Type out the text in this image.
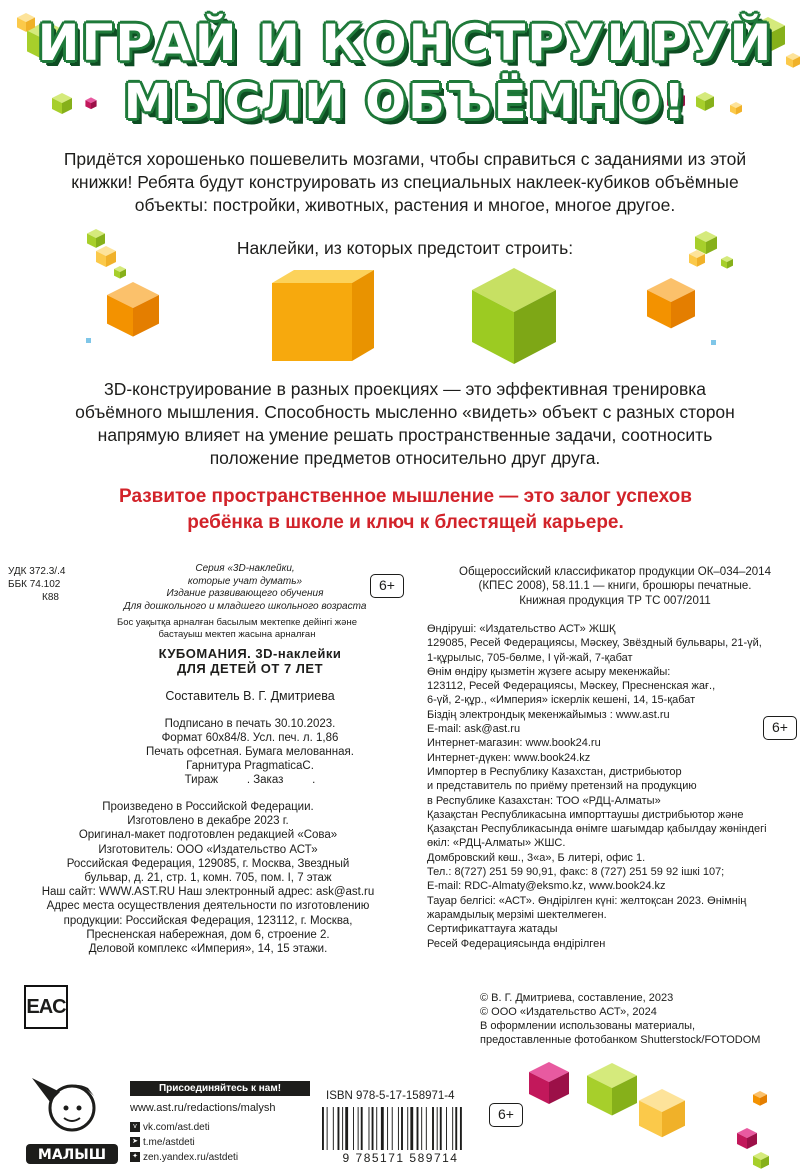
ИГРАЙ И КОНСТРУИРУЙ
МЫСЛИ ОБЪЁМНО!

Придётся хорошенько пошевелить мозгами, чтобы справиться с заданиями из этой книжки! Ребята будут конструировать из специальных наклеек-кубиков объёмные объекты: постройки, животных, растения и многое, многое другое.

Наклейки, из которых предстоит строить:

3D-конструирование в разных проекциях — это эффективная тренировка объёмного мышления. Способность мысленно «видеть» объект с разных сторон напрямую влияет на умение решать пространственные задачи, соотносить положение предметов относительно друг друга.

Развитое пространственное мышление — это залог успехов
ребёнка в школе и ключ к блестящей карьере.
УДК 372.3/.4
ББК 74.102
К88
Серия «3D-наклейки,
которые учат думать»
Издание развивающего обучения
Для дошкольного и младшего школьного возраста
6+
Бос уақытқа арналған басылым мектепке дейінгі және
бастауыш мектеп жасына арналған
КУБОМАНИЯ. 3D-наклейки
ДЛЯ ДЕТЕЙ ОТ 7 ЛЕТ
Составитель В. Г. Дмитриева
Подписано в печать 30.10.2023.
Формат 60х84/8. Усл. печ. л. 1,86
Печать офсетная. Бумага мелованная.
Гарнитура PragmaticaC.
Тираж         . Заказ         .
Произведено в Российской Федерации.
Изготовлено в декабре 2023 г.
Оригинал-макет подготовлен редакцией «Сова»
Изготовитель: ООО «Издательство АСТ»
Российская Федерация, 129085, г. Москва, Звездный
бульвар, д. 21, стр. 1, комн. 705, пом. I, 7 этаж
Наш сайт: WWW.AST.RU Наш электронный адрес: ask@ast.ru
Адрес места осуществления деятельности по изготовлению
продукции: Российская Федерация, 123112, г. Москва,
Пресненская набережная, дом 6, строение 2.
Деловой комплекс «Империя», 14, 15 этажи.
Общероссийский классификатор продукции ОК–034–2014
(КПЕС 2008), 58.11.1 — книги, брошюры печатные.
Книжная продукция ТР ТС 007/2011
6+
Өндіруші: «Издательство АСТ» ЖШҚ
129085, Ресей Федерациясы, Мәскеу, Звёздный бульвары, 21-үй,
1-құрылыс, 705-бөлме, I үй-жай, 7-қабат
Өнім өндіру қызметін жүзеге асыру мекенжайы:
123112, Ресей Федерациясы, Мәскеу, Пресненская жағ.,
6-үй, 2-құр., «Империя» іскерлік кешені, 14, 15-қабат
Біздің электрондық мекенжайымыз : www.ast.ru
E-mail: ask@ast.ru
Интернет-магазин: www.book24.ru
Интернет-дүкен: www.book24.kz
Импортер в Республику Казахстан, дистрибьютор
и представитель по приёму претензий на продукцию
в Республике Казахстан: ТОО «РДЦ-Алматы»
Қазақстан Республикасына импорттаушы дистрибьютор және
Қазақстан Республикасында өнімге шағымдар қабылдау жөніндегі
өкіл: «РДЦ-Алматы» ЖШС.
Домбровский көш., 3«а», Б литері, офис 1.
Тел.: 8(727) 251 59 90,91, факс: 8 (727) 251 59 92 ішкі 107;
E-mail: RDC-Almaty@eksmo.kz, www.book24.kz
Тауар белгісі: «АСТ». Өндірілген күні: желтоқсан 2023. Өнімнің
жарамдылық мерзімі шектелмеген.
Сертификаттауға жатады
Ресей Федерациясында өндірілген
© В. Г. Дмитриева, составление, 2023
© ООО «Издательство АСТ», 2024
В оформлении использованы материалы,
предоставленные фотобанком Shutterstock/FOTODOM
EAC
МАЛЫШ
Присоединяйтесь к нам!
www.ast.ru/redactions/malysh
v vk.com/ast.deti
➤ t.me/astdeti
✦ zen.yandex.ru/astdeti
ISBN 978-5-17-158971-4
9 785171 589714
6+
